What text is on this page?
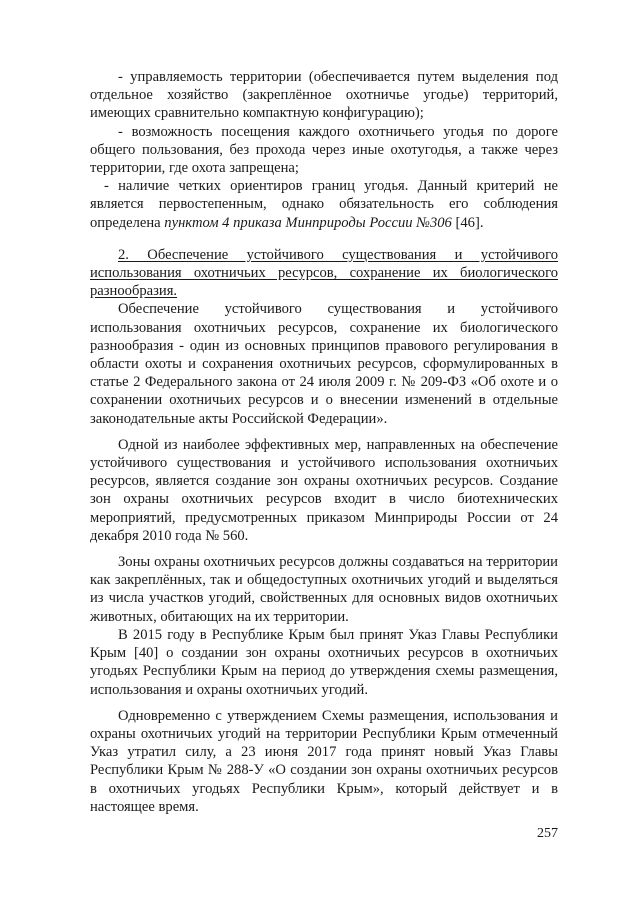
- управляемость территории (обеспечивается путем выделения под отдельное хозяйство (закреплённое охотничье угодье) территорий, имеющих сравнительно компактную конфигурацию);

- возможность посещения каждого охотничьего угодья по дороге общего пользования, без прохода через иные охотугодья, а также через территории, где охота запрещена;

- наличие четких ориентиров границ угодья. Данный критерий не является первостепенным, однако обязательность его соблюдения определена пунктом 4 приказа Минприроды России №306 [46].

2. Обеспечение устойчивого существования и устойчивого использования охотничьих ресурсов, сохранение их биологического разнообразия.

Обеспечение устойчивого существования и устойчивого использования охотничьих ресурсов, сохранение их биологического разнообразия - один из основных принципов правового регулирования в области охоты и сохранения охотничьих ресурсов, сформулированных в статье 2 Федерального закона от 24 июля 2009 г. № 209-ФЗ «Об охоте и о сохранении охотничьих ресурсов и о внесении изменений в отдельные законодательные акты Российской Федерации».

Одной из наиболее эффективных мер, направленных на обеспечение устойчивого существования и устойчивого использования охотничьих ресурсов, является создание зон охраны охотничьих ресурсов. Создание зон охраны охотничьих ресурсов входит в число биотехнических мероприятий, предусмотренных приказом Минприроды России от 24 декабря 2010 года № 560.

Зоны охраны охотничьих ресурсов должны создаваться на территории как закреплённых, так и общедоступных охотничьих угодий и выделяться из числа участков угодий, свойственных для основных видов охотничьих животных, обитающих на их территории.

В 2015 году в Республике Крым был принят Указ Главы Республики Крым [40] о создании зон охраны охотничьих ресурсов в охотничьих угодьях Республики Крым на период до утверждения схемы размещения, использования и охраны охотничьих угодий.

Одновременно с утверждением Схемы размещения, использования и охраны охотничьих угодий на территории Республики Крым отмеченный Указ утратил силу, а 23 июня 2017 года принят новый Указ Главы Республики Крым № 288-У «О создании зон охраны охотничьих ресурсов в охотничьих угодьях Республики Крым», который действует и в настоящее время.

257
